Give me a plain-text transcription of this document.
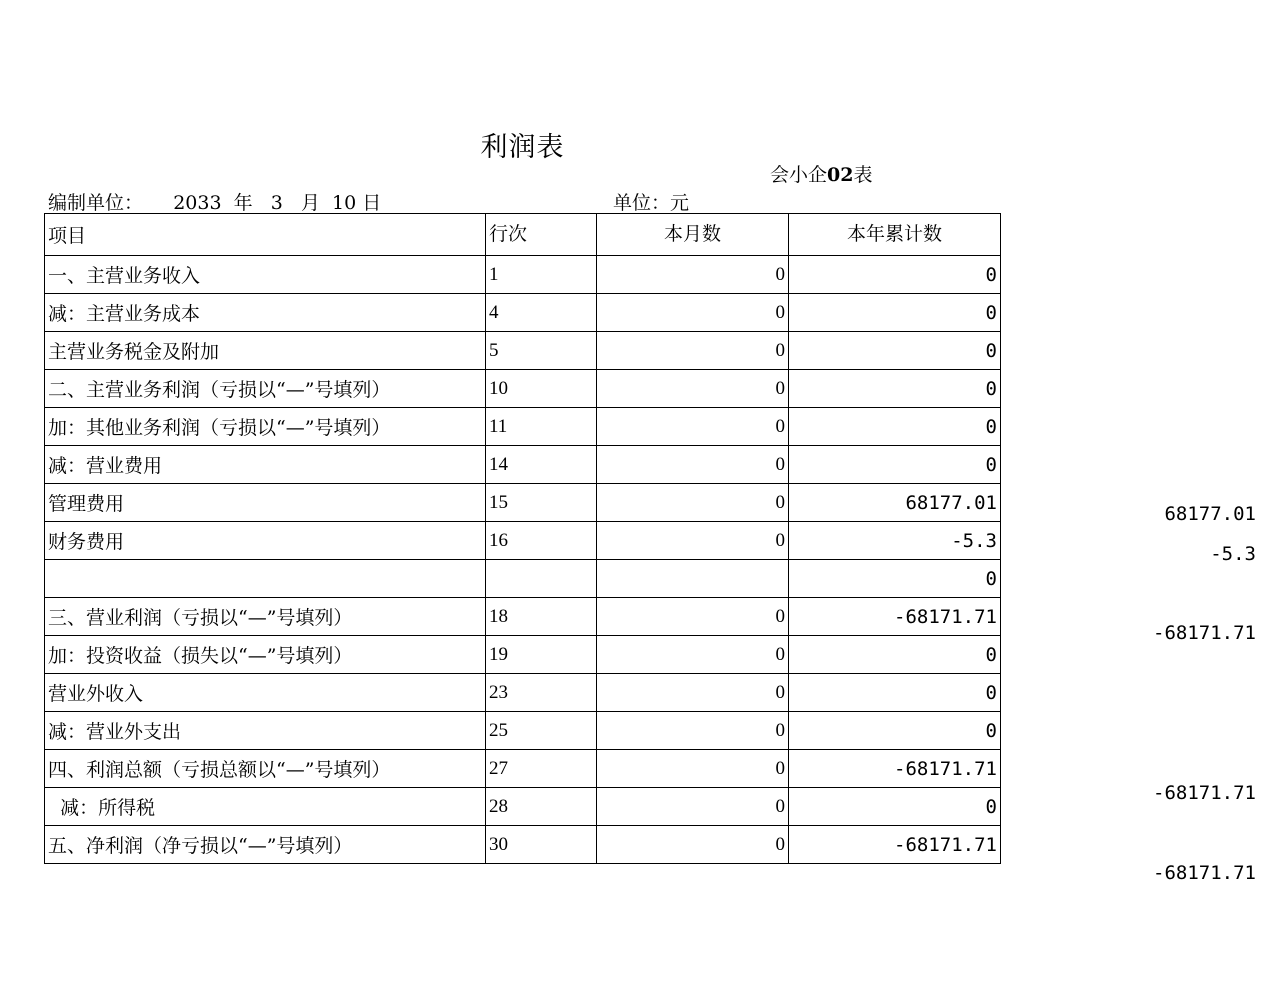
利润表
会小企02表
编制单位：     2033  年   3   月  10 日	单位：元
项目	行次	本月数	本年累计数
一、主营业务收入	1	0	0
减：主营业务成本	4	0	0
主营业务税金及附加	5	0	0
二、主营业务利润（亏损以“—”号填列）	10	0	0
加：其他业务利润（亏损以“—”号填列）	11	0	0
减：营业费用	14	0	0
管理费用	15	0	68177.01
财务费用	16	0	-5.3
			0
三、营业利润（亏损以“—”号填列）	18	0	-68171.71
加：投资收益（损失以“—”号填列）	19	0	0
营业外收入	23	0	0
减：营业外支出	25	0	0
四、利润总额（亏损总额以“—”号填列）	27	0	-68171.71
减：所得税	28	0	0
五、净利润（净亏损以“—”号填列）	30	0	-68171.71
68177.01
-5.3
-68171.71
-68171.71
-68171.71
